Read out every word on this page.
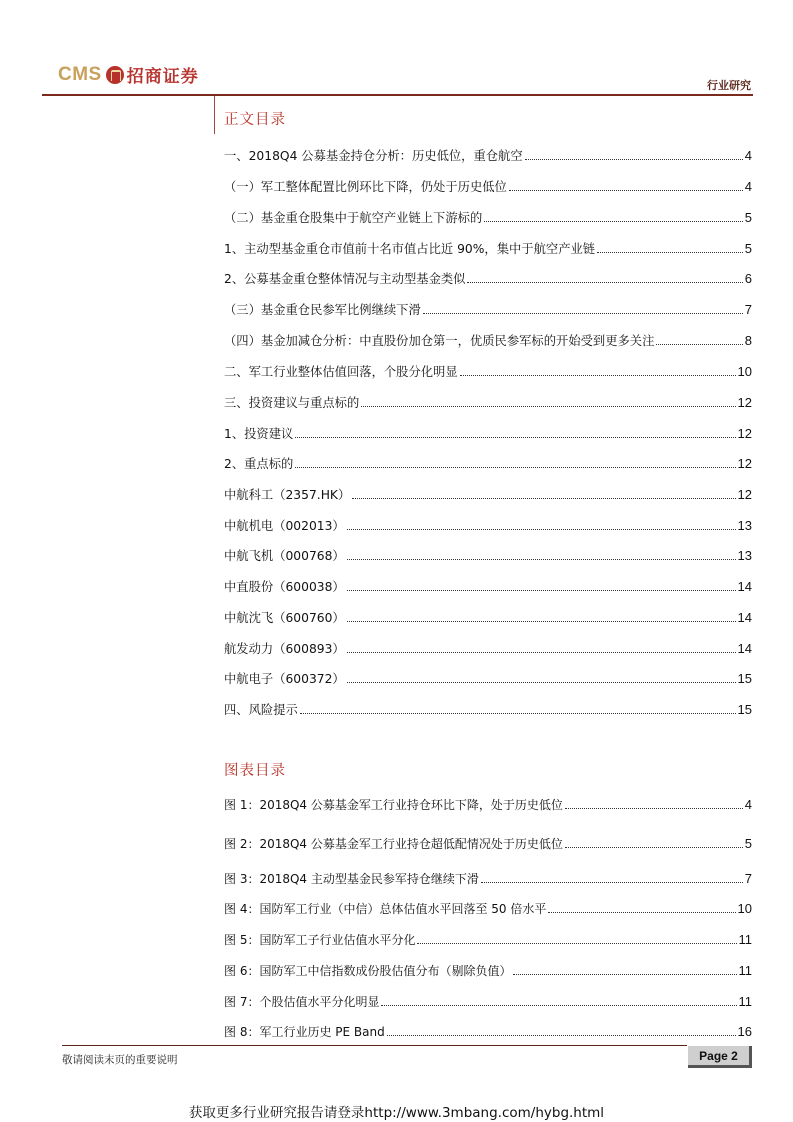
CMS 招商证券	行业研究
正文目录
一、2018Q4 公募基金持仓分析：历史低位，重仓航空	4
（一）军工整体配置比例环比下降，仍处于历史低位	4
（二）基金重仓股集中于航空产业链上下游标的	5
1、主动型基金重仓市值前十名市值占比近 90%，集中于航空产业链	5
2、公募基金重仓整体情况与主动型基金类似	6
（三）基金重仓民参军比例继续下滑	7
（四）基金加减仓分析：中直股份加仓第一，优质民参军标的开始受到更多关注	8
二、军工行业整体估值回落，个股分化明显	10
三、投资建议与重点标的	12
1、投资建议	12
2、重点标的	12
中航科工（2357.HK）	12
中航机电（002013）	13
中航飞机（000768）	13
中直股份（600038）	14
中航沈飞（600760）	14
航发动力（600893）	14
中航电子（600372）	15
四、风险提示	15
图表目录
图 1：2018Q4 公募基金军工行业持仓环比下降，处于历史低位	4
图 2：2018Q4 公募基金军工行业持仓超低配情况处于历史低位	5
图 3：2018Q4 主动型基金民参军持仓继续下滑	7
图 4：国防军工行业（中信）总体估值水平回落至 50 倍水平	10
图 5：国防军工子行业估值水平分化	11
图 6：国防军工中信指数成份股估值分布（剔除负值）	11
图 7：个股估值水平分化明显	11
图 8：军工行业历史 PE Band	16
敬请阅读末页的重要说明	Page 2
获取更多行业研究报告请登录http://www.3mbang.com/hybg.html
